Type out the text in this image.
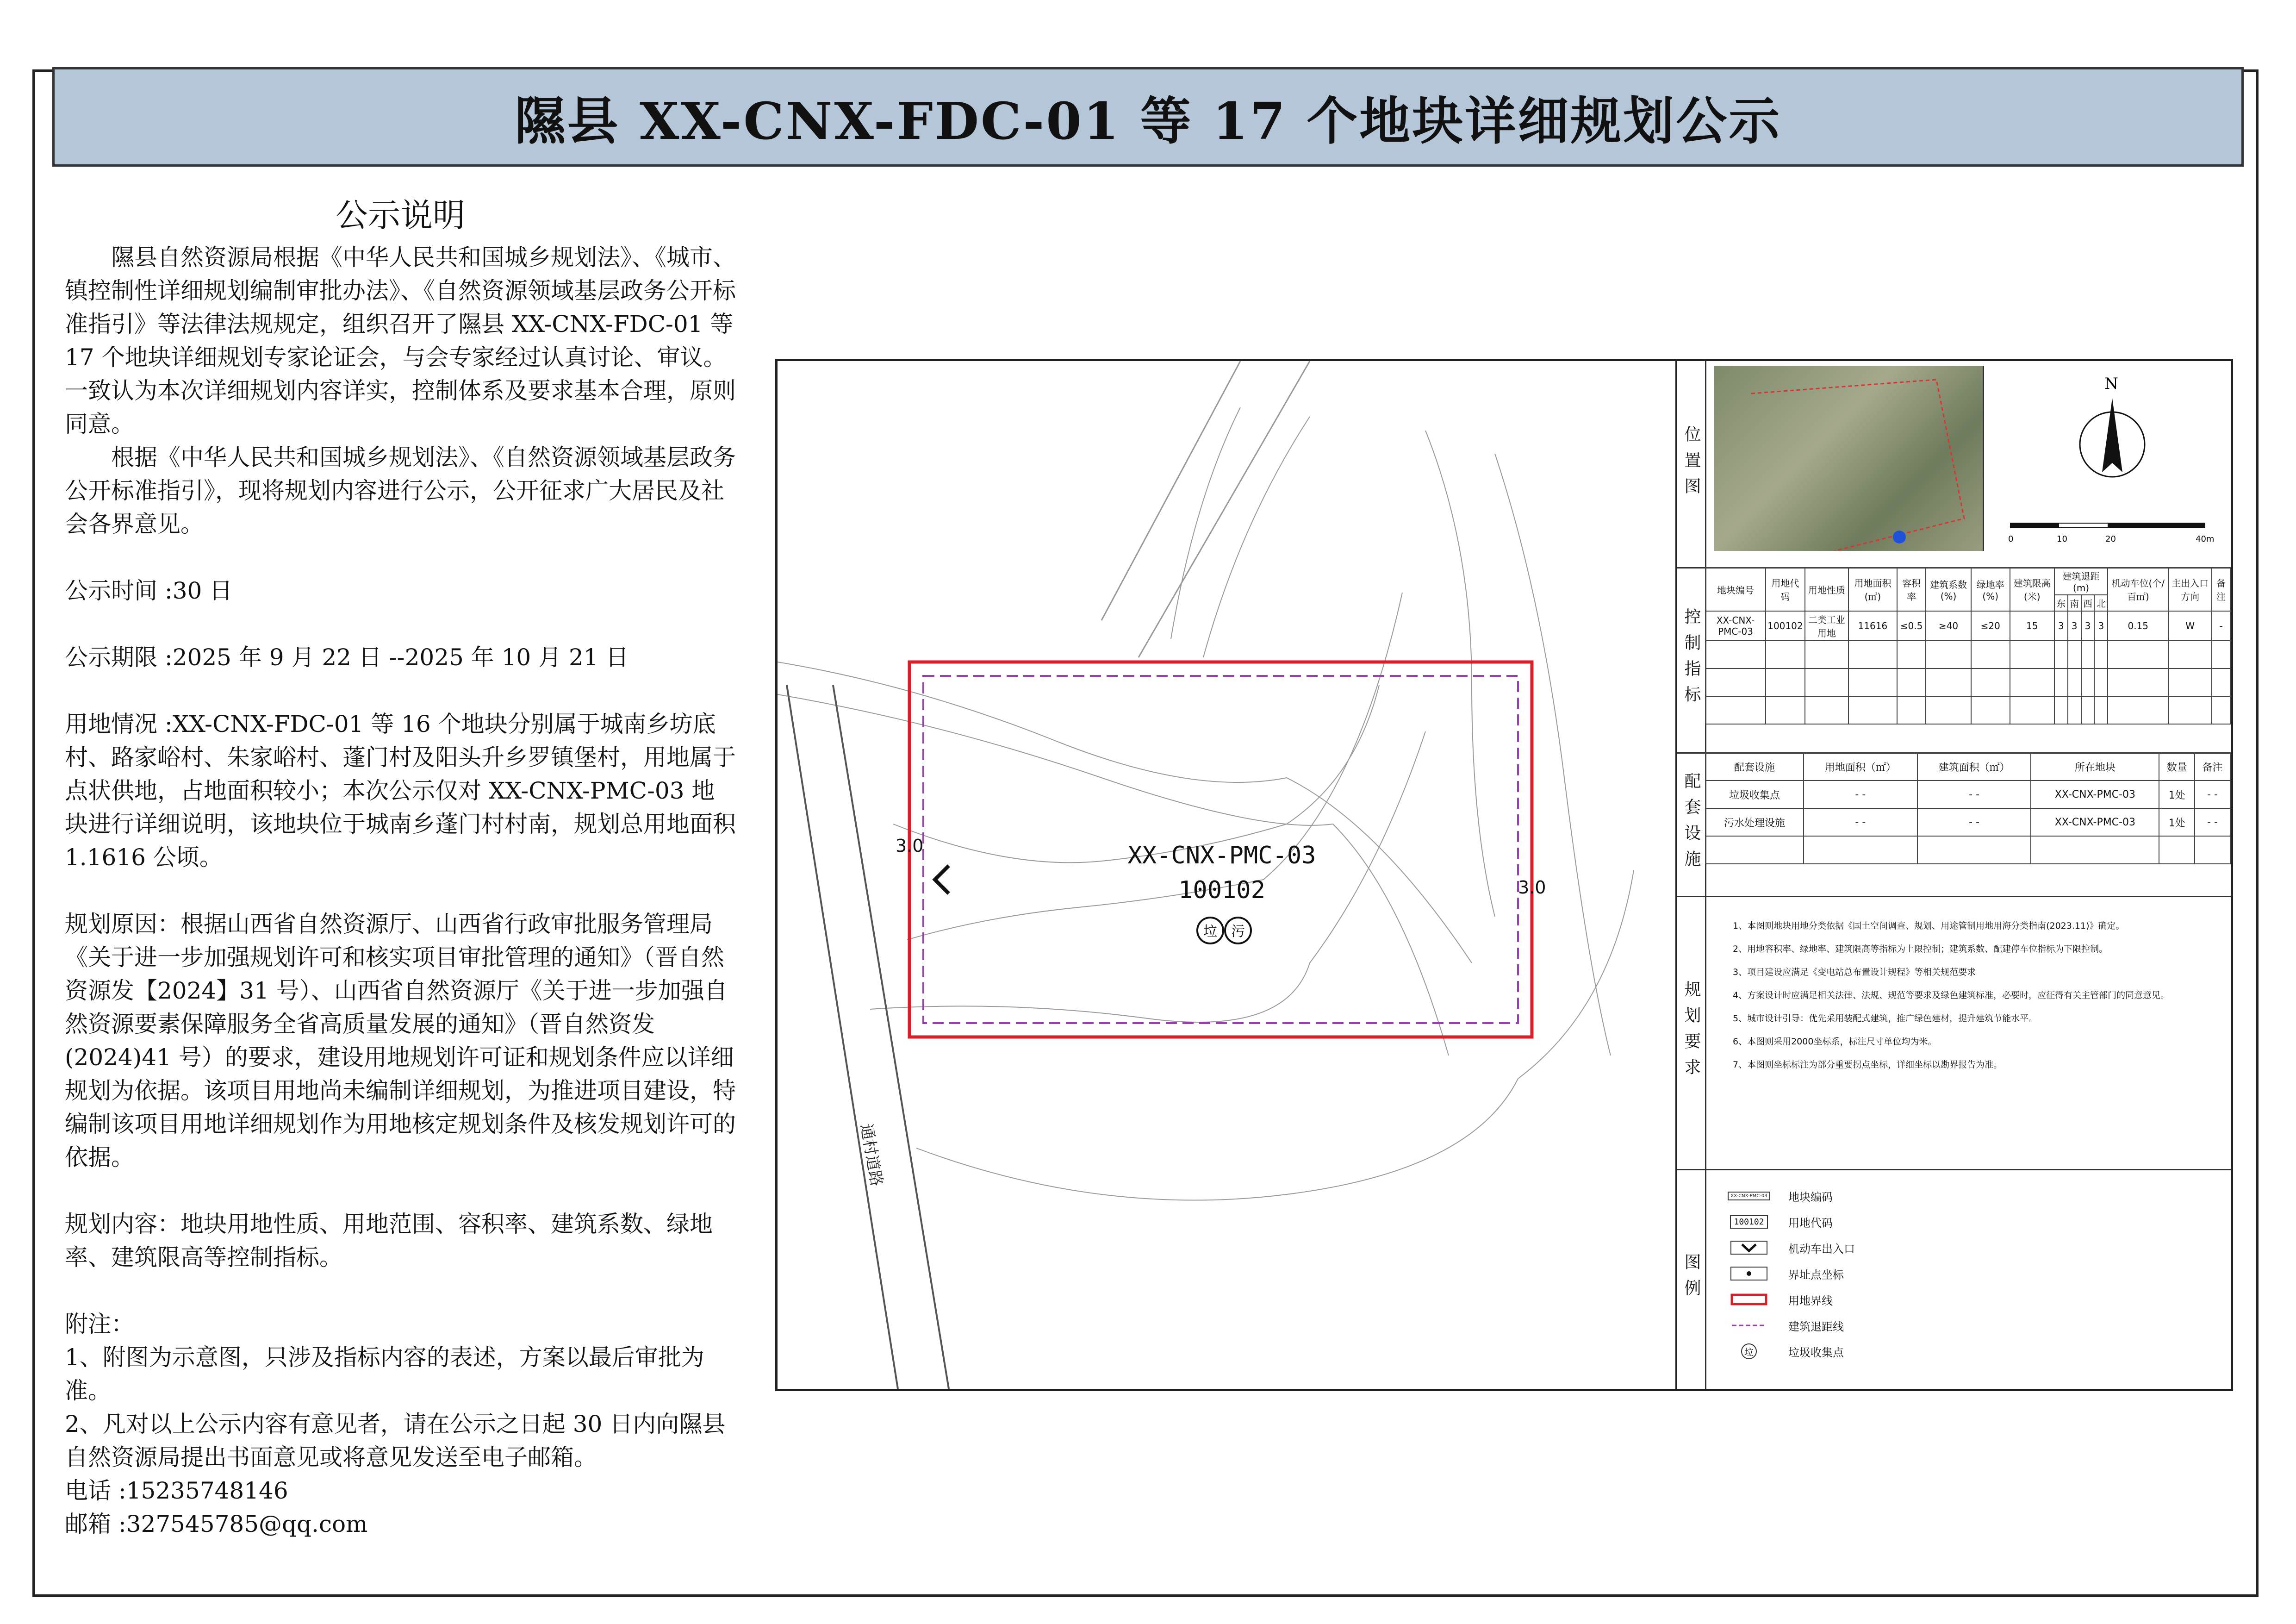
隰县 XX-CNX-FDC-01 等 17 个地块详细规划公示
公示说明

隰县自然资源局根据《中华人民共和国城乡规划法》、《城市、镇控制性详细规划编制审批办法》、《自然资源领域基层政务公开标准指引》等法律法规规定，组织召开了隰县 XX-CNX-FDC-01 等 17 个地块详细规划专家论证会，与会专家经过认真讨论、审议。一致认为本次详细规划内容详实，控制体系及要求基本合理，原则同意。

根据《中华人民共和国城乡规划法》、《自然资源领域基层政务公开标准指引》，现将规划内容进行公示，公开征求广大居民及社会各界意见。

公示时间 :30 日

公示期限 :2025 年 9 月 22 日 --2025 年 10 月 21 日

用地情况 :XX-CNX-FDC-01 等 16 个地块分别属于城南乡坊底村、路家峪村、朱家峪村、蓬门村及阳头升乡罗镇堡村，用地属于点状供地，占地面积较小；本次公示仅对 XX-CNX-PMC-03 地块进行详细说明，该地块位于城南乡蓬门村村南，规划总用地面积 1.1616 公顷。

规划原因：根据山西省自然资源厅、山西省行政审批服务管理局《关于进一步加强规划许可和核实项目审批管理的通知》（晋自然资源发【2024】31 号）、山西省自然资源厅《关于进一步加强自然资源要素保障服务全省高质量发展的通知》（晋自然资发 (2024)41 号）的要求，建设用地规划许可证和规划条件应以详细规划为依据。该项目用地尚未编制详细规划，为推进项目建设，特编制该项目用地详细规划作为用地核定规划条件及核发规划许可的依据。

规划内容：地块用地性质、用地范围、容积率、建筑系数、绿地率、建筑限高等控制指标。

附注：

1、附图为示意图，只涉及指标内容的表述，方案以最后审批为准。

2、凡对以上公示内容有意见者，请在公示之日起 30 日内向隰县自然资源局提出书面意见或将意见发送至电子邮箱。

电话 :15235748146

邮箱 :327545785@qq.com

通村道路
3.0
3.0
XX-CNX-PMC-03
100102
垃 污
位置图
N
0	10	20	40m
控制指标
地块编号	用地代码	用地性质	用地面积(㎡)	容积率	建筑系数(%)	绿地率(%)	建筑限高(米)	建筑退距(m)				机动车位(个/百㎡)	主出入口方向	备注
								东	南	西	北			
XX-CNX-PMC-03	100102	二类工业用地	11616	≤0.5	≥40	≤20	15	3	3	3	3	0.15	W	-

配套设施
配套设施	用地面积（㎡）	建筑面积（㎡）	所在地块	数量	备注
垃圾收集点	- -	- -	XX-CNX-PMC-03	1处	- -
污水处理设施	- -	- -	XX-CNX-PMC-03	1处	- -

规划要求
1、本图则地块用地分类依据《国土空间调查、规划、用途管制用地用海分类指南(2023.11)》确定。
2、用地容积率、绿地率、建筑限高等指标为上限控制；建筑系数、配建停车位指标为下限控制。
3、项目建设应满足《变电站总布置设计规程》等相关规范要求
4、方案设计时应满足相关法律、法规、规范等要求及绿色建筑标准，必要时，应征得有关主管部门的同意意见。
5、城市设计引导：优先采用装配式建筑，推广绿色建材，提升建筑节能水平。
6、本图则采用2000坐标系，标注尺寸单位均为米。
7、本图则坐标标注为部分重要拐点坐标，详细坐标以勘界报告为准。
图例
XX-CNX-PMC-03 地块编码
100102	用地代码
机动车出入口
界址点坐标
用地界线
建筑退距线
垃	垃圾收集点
